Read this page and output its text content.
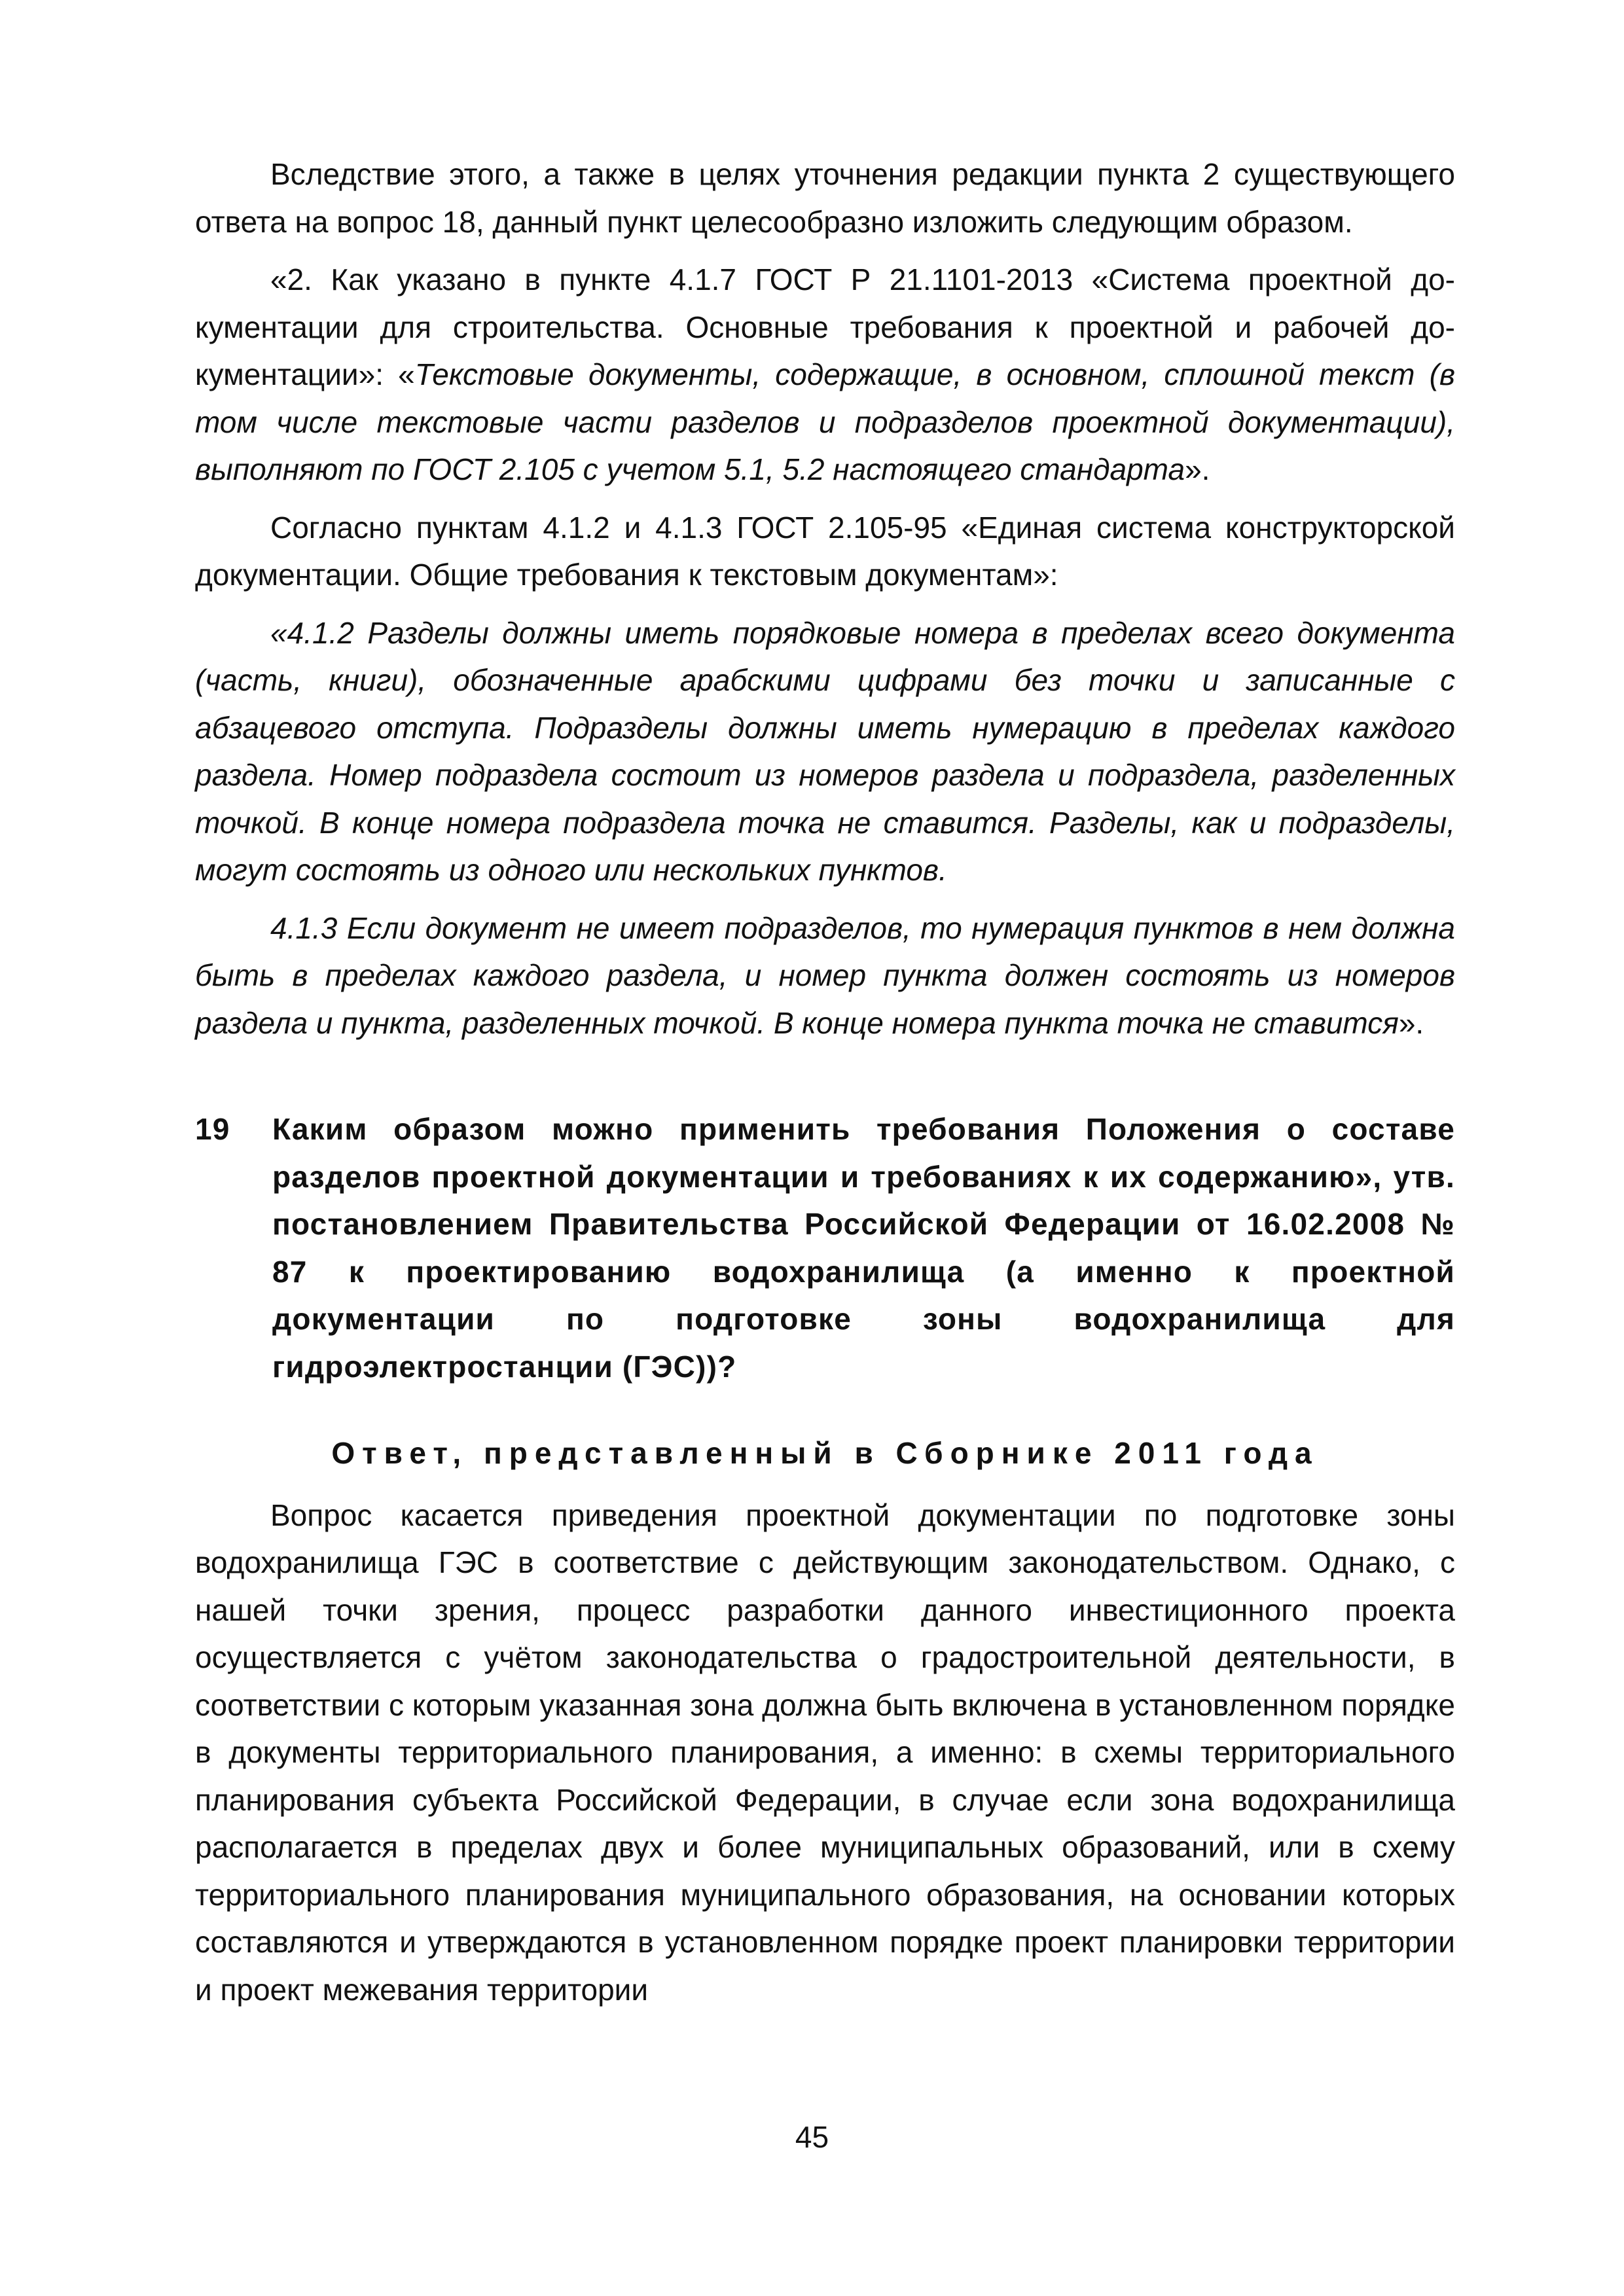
Вследствие этого, а также в целях уточнения редакции пункта 2 существующего ответа на вопрос 18, данный пункт целесообразно изложить следующим образом.

«2. Как указано в пункте 4.1.7 ГОСТ Р 21.1101-2013 «Система проектной документации для строительства. Основные требования к проектной и рабочей документации»: «Текстовые документы, содержащие, в основном, сплошной текст (в том числе текстовые части разделов и подразделов проектной документации), выполняют по ГОСТ 2.105 с учетом 5.1, 5.2 настоящего стандарта».

Согласно пунктам 4.1.2 и 4.1.3 ГОСТ 2.105-95 «Единая система конструкторской документации. Общие требования к текстовым документам»:

«4.1.2 Разделы должны иметь порядковые номера в пределах всего документа (часть, книги), обозначенные арабскими цифрами без точки и записанные с абзацевого отступа. Подразделы должны иметь нумерацию в пределах каждого раздела. Номер подраздела состоит из номеров раздела и подраздела, разделенных точкой. В конце номера подраздела точка не ставится. Разделы, как и подразделы, могут состоять из одного или нескольких пунктов.

4.1.3 Если документ не имеет подразделов, то нумерация пунктов в нем должна быть в пределах каждого раздела, и номер пункта должен состоять из номеров раздела и пункта, разделенных точкой. В конце номера пункта точка не ставится».

19 Каким образом можно применить требования Положения о составе разделов проектной документации и требованиях к их содержанию», утв. постановлением Правительства Российской Федерации от 16.02.2008 № 87 к проектированию водохранилища (а именно к проектной документации по подготовке зоны водохранилища для гидроэлектростанции (ГЭС))?
Ответ, представленный в Сборнике 2011 года

Вопрос касается приведения проектной документации по подготовке зоны водохранилища ГЭС в соответствие с действующим законодательством. Однако, с нашей точки зрения, процесс разработки данного инвестиционного проекта осуществляется с учётом законодательства о градостроительной деятельности, в соответствии с которым указанная зона должна быть включена в установленном порядке в документы территориального планирования, а именно: в схемы территориального планирования субъекта Российской Федерации, в случае если зона водохранилища располагается в пределах двух и более муниципальных образований, или в схему территориального планирования муниципального образования, на основании которых составляются и утверждаются в установленном порядке проект планировки территории и проект межевания территории

45
